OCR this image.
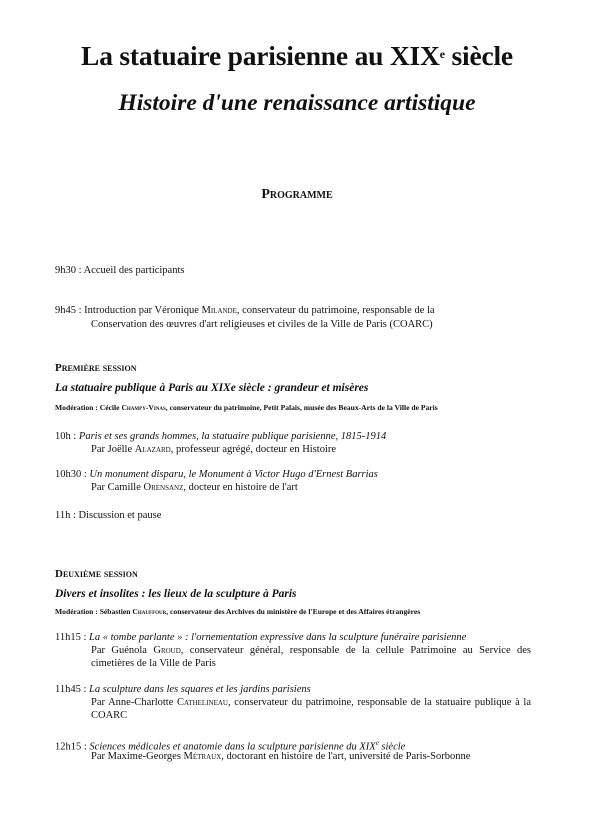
La statuaire parisienne au XIXe siècle
Histoire d'une renaissance artistique
Programme
9h30 : Accueil des participants
9h45 : Introduction par Véronique Milande, conservateur du patrimoine, responsable de la
Conservation des œuvres d'art religieuses et civiles de la Ville de Paris (COARC)
Première session
La statuaire publique à Paris au XIXe siècle : grandeur et misères
Modération : Cécile Champy-Vinas, conservateur du patrimoine, Petit Palais, musée des Beaux-Arts de la Ville de Paris
10h : Paris et ses grands hommes, la statuaire publique parisienne, 1815-1914
Par Joëlle Alazard, professeur agrégé, docteur en Histoire
10h30 : Un monument disparu, le Monument à Victor Hugo d'Ernest Barrias
Par Camille Orensanz, docteur en histoire de l'art
11h : Discussion et pause
Deuxième session
Divers et insolites : les lieux de la sculpture à Paris
Modération : Sébastien Chauffour, conservateur des Archives du ministère de l'Europe et des Affaires étrangères
11h15 : La « tombe parlante » : l'ornementation expressive dans la sculpture funéraire parisienne
Par Guénola Groud, conservateur général, responsable de la cellule Patrimoine au Service des cimetières de la Ville de Paris
11h45 : La sculpture dans les squares et les jardins parisiens
Par Anne-Charlotte Cathelineau, conservateur du patrimoine, responsable de la statuaire publique à la COARC
12h15 : Sciences médicales et anatomie dans la sculpture parisienne du XIXe siècle
Par Maxime-Georges Métraux, doctorant en histoire de l'art, université de Paris-Sorbonne
